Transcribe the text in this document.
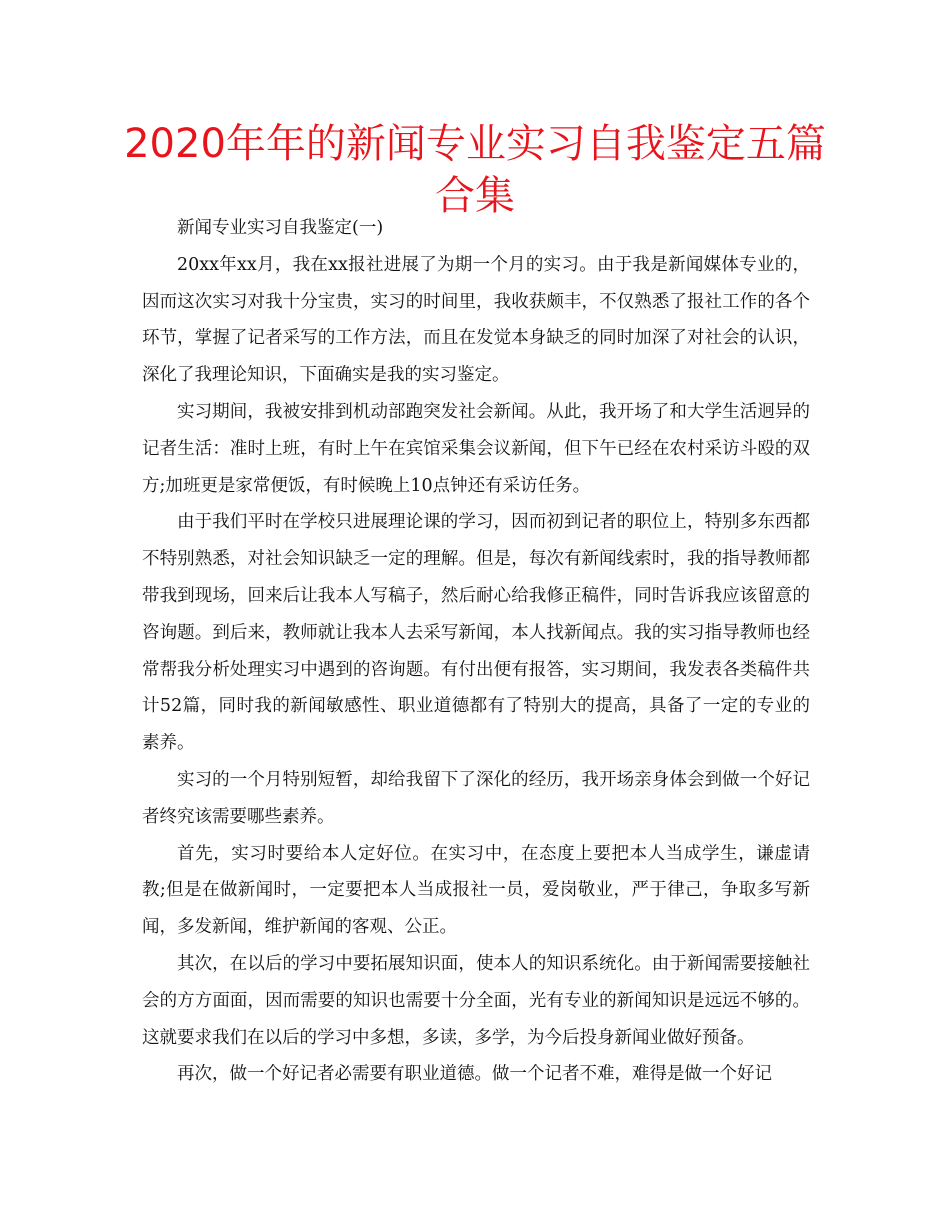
2020年年的新闻专业实习自我鉴定五篇合集

新闻专业实习自我鉴定(一)

20xx年xx月，我在xx报社进展了为期一个月的实习。由于我是新闻媒体专业的，因而这次实习对我十分宝贵，实习的时间里，我收获颇丰，不仅熟悉了报社工作的各个环节，掌握了记者采写的工作方法，而且在发觉本身缺乏的同时加深了对社会的认识，深化了我理论知识，下面确实是我的实习鉴定。

实习期间，我被安排到机动部跑突发社会新闻。从此，我开场了和大学生活迥异的记者生活：准时上班，有时上午在宾馆采集会议新闻，但下午已经在农村采访斗殴的双方;加班更是家常便饭，有时候晚上10点钟还有采访任务。

由于我们平时在学校只进展理论课的学习，因而初到记者的职位上，特别多东西都不特别熟悉，对社会知识缺乏一定的理解。但是，每次有新闻线索时，我的指导教师都带我到现场，回来后让我本人写稿子，然后耐心给我修正稿件，同时告诉我应该留意的咨询题。到后来，教师就让我本人去采写新闻，本人找新闻点。我的实习指导教师也经常帮我分析处理实习中遇到的咨询题。有付出便有报答，实习期间，我发表各类稿件共计52篇，同时我的新闻敏感性、职业道德都有了特别大的提高，具备了一定的专业的素养。

实习的一个月特别短暂，却给我留下了深化的经历，我开场亲身体会到做一个好记者终究该需要哪些素养。

首先，实习时要给本人定好位。在实习中，在态度上要把本人当成学生，谦虚请教;但是在做新闻时，一定要把本人当成报社一员，爱岗敬业，严于律己，争取多写新闻，多发新闻，维护新闻的客观、公正。

其次，在以后的学习中要拓展知识面，使本人的知识系统化。由于新闻需要接触社会的方方面面，因而需要的知识也需要十分全面，光有专业的新闻知识是远远不够的。这就要求我们在以后的学习中多想，多读，多学，为今后投身新闻业做好预备。

再次，做一个好记者必需要有职业道德。做一个记者不难，难得是做一个好记
